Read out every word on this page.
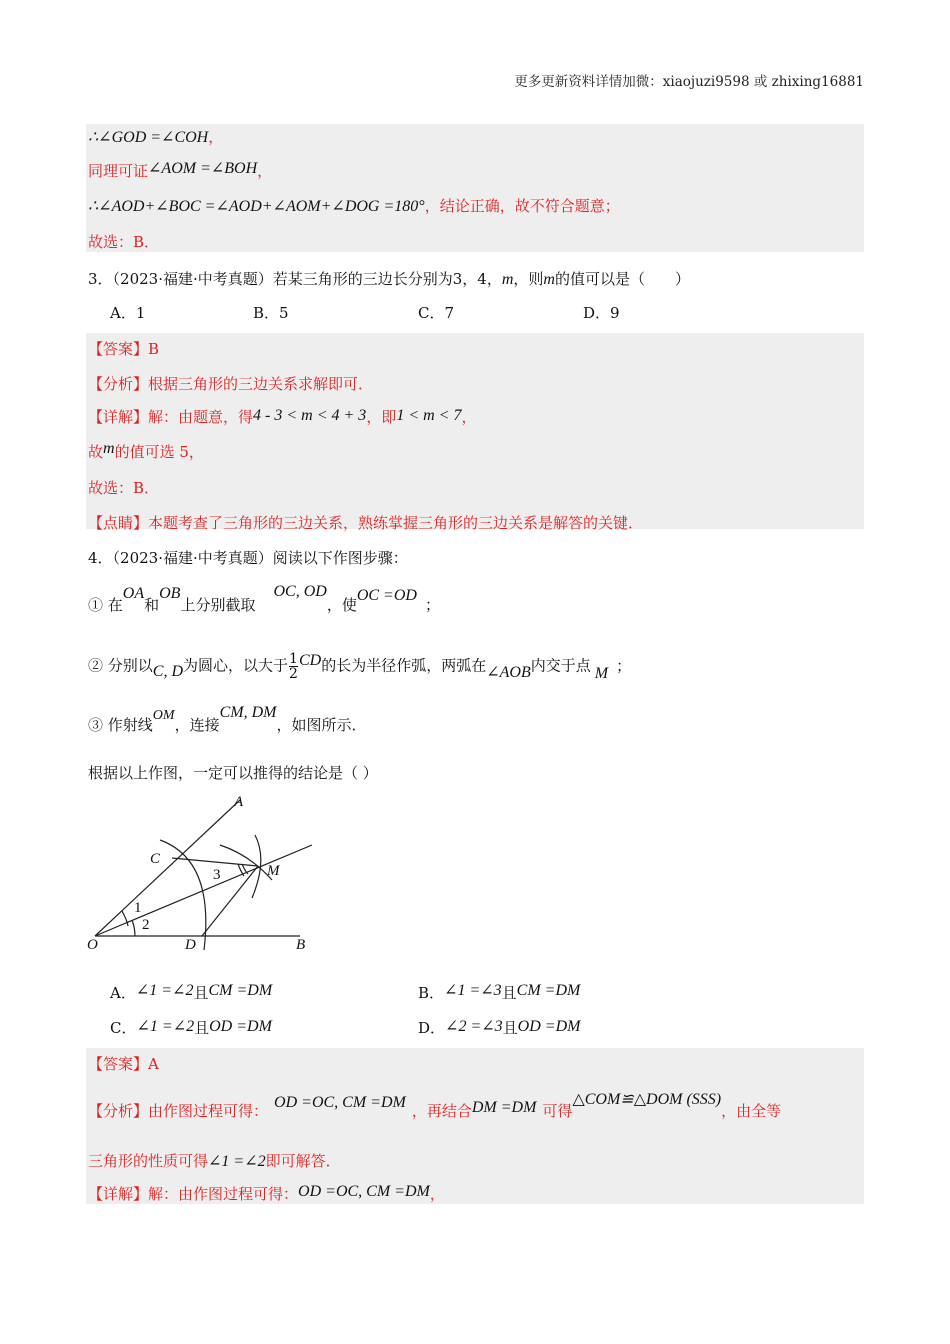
更多更新资料详情加微：xiaojuzi9598 或 zhixing16881
∴∠GOD =∠COH，
同理可证∠AOM =∠BOH，
∴∠AOD+∠BOC =∠AOD+∠AOM+∠DOG =180°，结论正确，故不符合题意；
故选：B．
3．（2023·福建·中考真题）若某三角形的三边长分别为3，4，m，则m的值可以是（　　）
A．1	B．5	C．7	D．9
【答案】B
【分析】根据三角形的三边关系求解即可．
【详解】解：由题意，得4 - 3 < m < 4 + 3，即1 < m < 7，
故m的值可选 5，
故选：B．
【点睛】本题考查了三角形的三边关系，熟练掌握三角形的三边关系是解答的关键．
4．（2023·福建·中考真题）阅读以下作图步骤：
① 在OA和OB上分别截取OC, OD，使OC =OD；
② 分别以C, D为圆心，以大于 $\frac{1}{2}$ CD的长为半径作弧，两弧在∠AOB内交于点 M ；
③ 作射线OM，连接CM, DM，如图所示．
根据以上作图，一定可以推得的结论是（ ）
A
C
M
3
1
2
O	D	B
A．∠1 =∠2且CM =DM	B．∠1 =∠3且CM =DM
C．∠1 =∠2且OD =DM	D．∠2 =∠3且OD =DM
【答案】A
【分析】由作图过程可得： OD =OC, CM =DM ，再结合DM =DM 可得△COM≌△DOM (SSS)，由全等
三角形的性质可得∠1 =∠2即可解答．
【详解】解：由作图过程可得：OD =OC, CM =DM，
